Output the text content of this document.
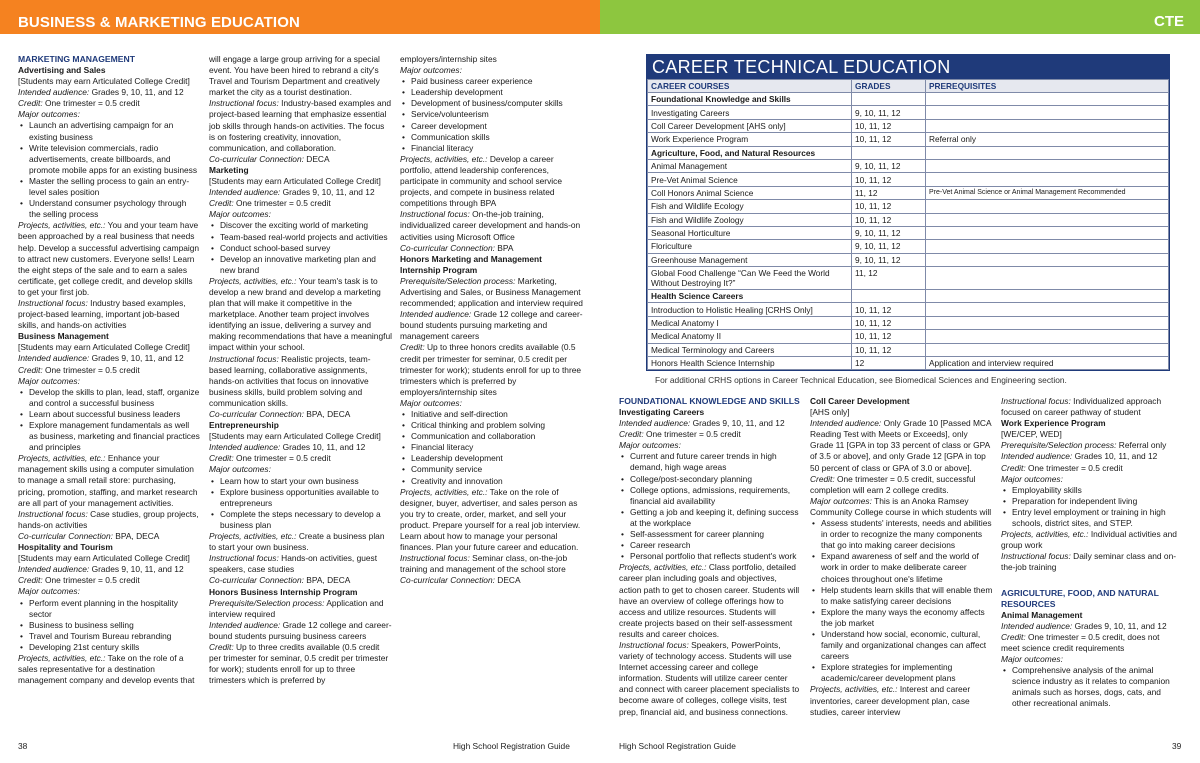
BUSINESS & MARKETING EDUCATION	CTE

MARKETING MANAGEMENT

Advertising and Sales

[Students may earn Articulated College Credit]

Intended audience: Grades 9, 10, 11, and 12

Credit: One trimester = 0.5 credit

Major outcomes:

• Launch an advertising campaign for an existing business
• Write television commercials, radio advertisements, create billboards, and promote mobile apps for an existing business
• Master the selling process to gain an entry-level sales position
• Understand consumer psychology through the selling process

Projects, activities, etc.: You and your team have been approached by a real business that needs help. Develop a successful advertising campaign to attract new customers. Everyone sells! Learn the eight steps of the sale and to earn a sales certificate, get college credit, and develop skills to get your first job.

Instructional focus: Industry based examples, project-based learning, important job-based skills, and hands-on activities

Business Management

[Students may earn Articulated College Credit]

Intended audience: Grades 9, 10, 11, and 12

Credit: One trimester = 0.5 credit

Major outcomes:

• Develop the skills to plan, lead, staff, organize and control a successful business
• Learn about successful business leaders
• Explore management fundamentals as well as business, marketing and financial practices and principles

Projects, activities, etc.: Enhance your management skills using a computer simulation to manage a small retail store: purchasing, pricing, promotion, staffing, and market research are all part of your management activities.

Instructional focus: Case studies, group projects, hands-on activities

Co-curricular Connection: BPA, DECA

Hospitality and Tourism

[Students may earn Articulated College Credit]

Intended audience: Grades 9, 10, 11, and 12

Credit: One trimester = 0.5 credit

Major outcomes:

• Perform event planning in the hospitality sector
• Business to business selling
• Travel and Tourism Bureau rebranding
• Developing 21st century skills

Projects, activities, etc.: Take on the role of a sales representative for a destination management company and develop events that

will engage a large group arriving for a special event. You have been hired to rebrand a city's Travel and Tourism Department and creatively market the city as a tourist destination.

Instructional focus: Industry-based examples and project-based learning that emphasize essential job skills through hands-on activities. The focus is on fostering creativity, innovation, communication, and collaboration.

Co-curricular Connection: DECA

Marketing

[Students may earn Articulated College Credit]

Intended audience: Grades 9, 10, 11, and 12

Credit: One trimester = 0.5 credit

Major outcomes:

• Discover the exciting world of marketing
• Team-based real-world projects and activities
• Conduct school-based survey
• Develop an innovative marketing plan and new brand

Projects, activities, etc.: Your team's task is to develop a new brand and develop a marketing plan that will make it competitive in the marketplace. Another team project involves identifying an issue, delivering a survey and making recommendations that have a meaningful impact within your school.

Instructional focus: Realistic projects, team-based learning, collaborative assignments, hands-on activities that focus on innovative business skills, build problem solving and communication skills.

Co-curricular Connection: BPA, DECA

Entrepreneurship

[Students may earn Articulated College Credit]

Intended audience: Grades 10, 11, and 12

Credit: One trimester = 0.5 credit

Major outcomes:

• Learn how to start your own business
• Explore business opportunities available to entrepreneurs
• Complete the steps necessary to develop a business plan

Projects, activities, etc.: Create a business plan to start your own business.

Instructional focus: Hands-on activities, guest speakers, case studies

Co-curricular Connection: BPA, DECA

Honors Business Internship Program

Prerequisite/Selection process: Application and interview required

Intended audience: Grade 12 college and career-bound students pursuing business careers

Credit: Up to three credits available (0.5 credit per trimester for seminar, 0.5 credit per trimester for work); students enroll for up to three trimesters which is preferred by

employers/internship sites

Major outcomes:

• Paid business career experience
• Leadership development
• Development of business/computer skills
• Service/volunteerism
• Career development
• Communication skills
• Financial literacy

Projects, activities, etc.: Develop a career portfolio, attend leadership conferences, participate in community and school service projects, and compete in business related competitions through BPA

Instructional focus: On-the-job training, individualized career development and hands-on activities using Microsoft Office

Co-curricular Connection: BPA

Honors Marketing and Management Internship Program

Prerequisite/Selection process: Marketing, Advertising and Sales, or Business Management recommended; application and interview required

Intended audience: Grade 12 college and career-bound students pursuing marketing and management careers

Credit: Up to three honors credits available (0.5 credit per trimester for seminar, 0.5 credit per trimester for work); students enroll for up to three trimesters which is preferred by employers/internship sites

Major outcomes:

• Initiative and self-direction
• Critical thinking and problem solving
• Communication and collaboration
• Financial literacy
• Leadership development
• Community service
• Creativity and innovation

Projects, activities, etc.: Take on the role of designer, buyer, advertiser, and sales person as you try to create, order, market, and sell your product. Prepare yourself for a real job interview. Learn about how to manage your personal finances. Plan your future career and education.

Instructional focus: Seminar class, on-the-job training and management of the school store

Co-curricular Connection: DECA

CAREER TECHNICAL EDUCATION
CAREER COURSES	GRADES	PREREQUISITES
Foundational Knowledge and Skills		
Investigating Careers	9, 10, 11, 12	
Coll Career Development [AHS only]	10, 11, 12	
Work Experience Program	10, 11, 12	Referral only
Agriculture, Food, and Natural Resources		
Animal Management	9, 10, 11, 12	
Pre-Vet Animal Science	10, 11, 12	
Coll Honors Animal Science	11, 12	Pre-Vet Animal Science or Animal Management Recommended
Fish and Wildlife Ecology	10, 11, 12	
Fish and Wildlife Zoology	10, 11, 12	
Seasonal Horticulture	9, 10, 11, 12	
Floriculture	9, 10, 11, 12	
Greenhouse Management	9, 10, 11, 12	
Global Food Challenge “Can We Feed the World Without Destroying It?”	11, 12	
Health Science Careers		
Introduction to Holistic Healing [CRHS Only]	10, 11, 12	
Medical Anatomy I	10, 11, 12	
Medical Anatomy II	10, 11, 12	
Medical Terminology and Careers	10, 11, 12	
Honors Health Science Internship	12	Application and interview required
For additional CRHS options in Career Technical Education, see Biomedical Sciences and Engineering section.

FOUNDATIONAL KNOWLEDGE AND SKILLS

Investigating Careers

Intended audience: Grades 9, 10, 11, and 12

Credit: One trimester = 0.5 credit

Major outcomes:

• Current and future career trends in high demand, high wage areas
• College/post-secondary planning
• College options, admissions, requirements, financial aid availability
• Getting a job and keeping it, defining success at the workplace
• Self-assessment for career planning
• Career research
• Personal portfolio that reflects student's work

Projects, activities, etc.: Class portfolio, detailed career plan including goals and objectives, action path to get to chosen career. Students will have an overview of college offerings how to access and utilize resources. Students will create projects based on their self-assessment results and career choices.

Instructional focus: Speakers, PowerPoints, variety of technology access. Students will use Internet accessing career and college information. Students will utilize career center and connect with career placement specialists to become aware of colleges, college visits, test prep, financial aid, and business connections.

Coll Career Development

[AHS only]

Intended audience: Only Grade 10 [Passed MCA Reading Test with Meets or Exceeds], only Grade 11 [GPA in top 33 percent of class or GPA of 3.5 or above], and only Grade 12 [GPA in top 50 percent of class or GPA of 3.0 or above].

Credit: One trimester = 0.5 credit, successful completion will earn 2 college credits.

Major outcomes: This is an Anoka Ramsey Community College course in which students will

• Assess students' interests, needs and abilities in order to recognize the many components that go into making career decisions
• Expand awareness of self and the world of work in order to make deliberate career choices throughout one's lifetime
• Help students learn skills that will enable them to make satisfying career decisions
• Explore the many ways the economy affects the job market
• Understand how social, economic, cultural, family and organizational changes can affect careers
• Explore strategies for implementing academic/career development plans

Projects, activities, etc.: Interest and career inventories, career development plan, case studies, career interview

Instructional focus: Individualized approach focused on career pathway of student

Work Experience Program

[WE/CEP, WED]

Prerequisite/Selection process: Referral only

Intended audience: Grades 10, 11, and 12

Credit: One trimester = 0.5 credit

Major outcomes:

• Employability skills
• Preparation for independent living
• Entry level employment or training in high schools, district sites, and STEP.

Projects, activities, etc.: Individual activities and group work

Instructional focus: Daily seminar class and on-the-job training

AGRICULTURE, FOOD, AND NATURAL RESOURCES

Animal Management

Intended audience: Grades 9, 10, 11, and 12

Credit: One trimester = 0.5 credit, does not meet science credit requirements

Major outcomes:

• Comprehensive analysis of the animal science industry as it relates to companion animals such as horses, dogs, cats, and other recreational animals.
38	High School Registration Guide	High School Registration Guide	39
